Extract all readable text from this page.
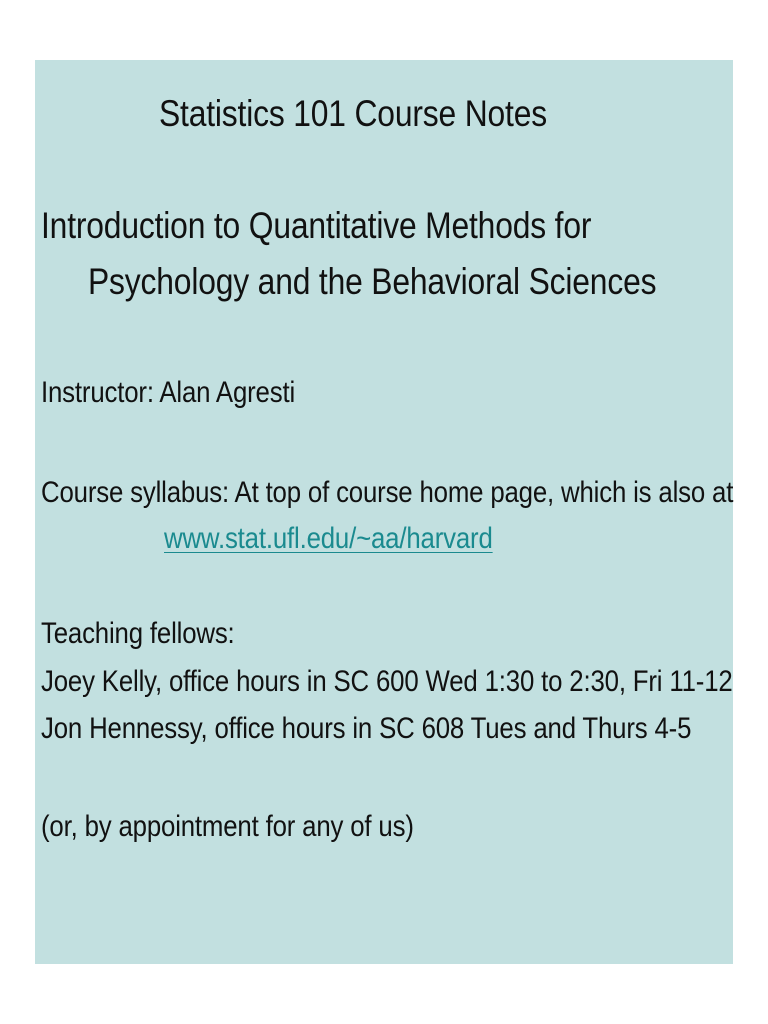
Statistics 101 Course Notes
Introduction to Quantitative Methods for
Psychology and the Behavioral Sciences
Instructor: Alan Agresti
Course syllabus: At top of course home page, which is also at
www.stat.ufl.edu/~aa/harvard
Teaching fellows:
Joey Kelly, office hours in SC 600 Wed 1:30 to 2:30, Fri 11-12
Jon Hennessy, office hours in SC 608 Tues and Thurs 4-5
(or, by appointment for any of us)
